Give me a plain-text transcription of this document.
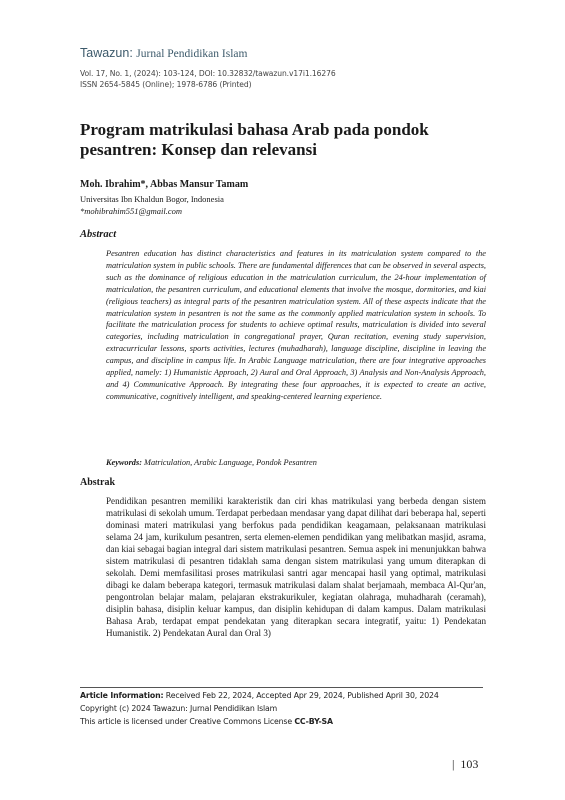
Tawazun: Jurnal Pendidikan Islam
Vol. 17, No. 1, (2024): 103-124, DOI: 10.32832/tawazun.v17i1.16276
ISSN 2654-5845 (Online); 1978-6786 (Printed)
Program matrikulasi bahasa Arab pada pondok pesantren: Konsep dan relevansi
Moh. Ibrahim*, Abbas Mansur Tamam
Universitas Ibn Khaldun Bogor, Indonesia
*mohibrahim551@gmail.com
Abstract

Pesantren education has distinct characteristics and features in its matriculation system compared to the matriculation system in public schools. There are fundamental differences that can be observed in several aspects, such as the dominance of religious education in the matriculation curriculum, the 24-hour implementation of matriculation, the pesantren curriculum, and educational elements that involve the mosque, dormitories, and kiai (religious teachers) as integral parts of the pesantren matriculation system. All of these aspects indicate that the matriculation system in pesantren is not the same as the commonly applied matriculation system in schools. To facilitate the matriculation process for students to achieve optimal results, matriculation is divided into several categories, including matriculation in congregational prayer, Quran recitation, evening study supervision, extracurricular lessons, sports activities, lectures (muhadharah), language discipline, discipline in leaving the campus, and discipline in campus life. In Arabic Language matriculation, there are four integrative approaches applied, namely: 1) Humanistic Approach, 2) Aural and Oral Approach, 3) Analysis and Non-Analysis Approach, and 4) Communicative Approach. By integrating these four approaches, it is expected to create an active, communicative, cognitively intelligent, and speaking-centered learning experience.

Keywords: Matriculation, Arabic Language, Pondok Pesantren
Abstrak

Pendidikan pesantren memiliki karakteristik dan ciri khas matrikulasi yang berbeda dengan sistem matrikulasi di sekolah umum. Terdapat perbedaan mendasar yang dapat dilihat dari beberapa hal, seperti dominasi materi matrikulasi yang berfokus pada pendidikan keagamaan, pelaksanaan matrikulasi selama 24 jam, kurikulum pesantren, serta elemen-elemen pendidikan yang melibatkan masjid, asrama, dan kiai sebagai bagian integral dari sistem matrikulasi pesantren. Semua aspek ini menunjukkan bahwa sistem matrikulasi di pesantren tidaklah sama dengan sistem matrikulasi yang umum diterapkan di sekolah. Demi memfasilitasi proses matrikulasi santri agar mencapai hasil yang optimal, matrikulasi dibagi ke dalam beberapa kategori, termasuk matrikulasi dalam shalat berjamaah, membaca Al-Qur'an, pengontrolan belajar malam, pelajaran ekstrakurikuler, kegiatan olahraga, muhadharah (ceramah), disiplin bahasa, disiplin keluar kampus, dan disiplin kehidupan di dalam kampus. Dalam matrikulasi Bahasa Arab, terdapat empat pendekatan yang diterapkan secara integratif, yaitu: 1) Pendekatan Humanistik. 2) Pendekatan Aural dan Oral 3)

Article Information: Received Feb 22, 2024, Accepted Apr 29, 2024, Published April 30, 2024
Copyright (c) 2024 Tawazun: Jurnal Pendidikan Islam
This article is licensed under Creative Commons License CC-BY-SA
| 103
